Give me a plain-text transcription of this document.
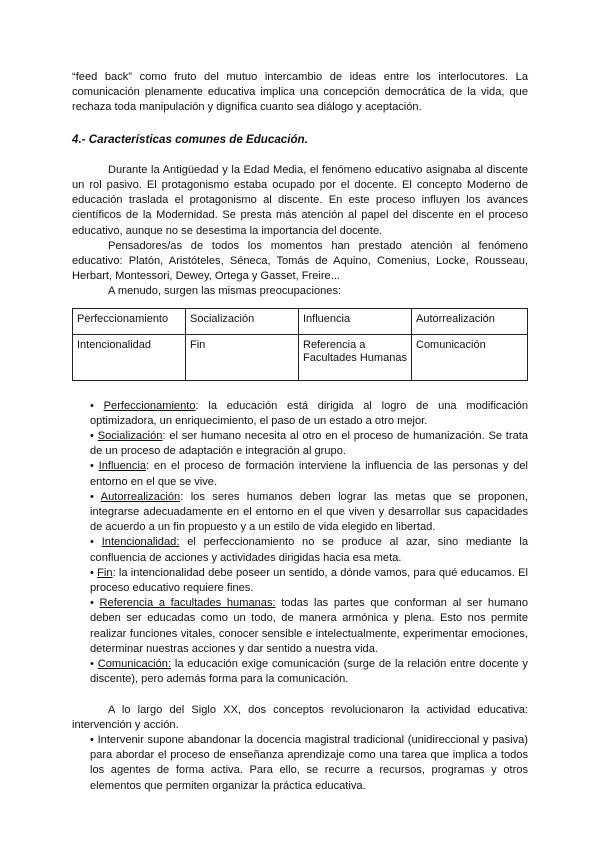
“feed back” como fruto del mutuo intercambio de ideas entre los interlocutores. La comunicación plenamente educativa implica una concepción democrática de la vida, que rechaza toda manipulación y dignifica cuanto sea diálogo y aceptación.

4.- Características comunes de Educación.

Durante la Antigüedad y la Edad Media, el fenómeno educativo asignaba al discente un rol pasivo. El protagonismo estaba ocupado por el docente. El concepto Moderno de educación traslada el protagonismo al discente. En este proceso influyen los avances científicos de la Modernidad. Se presta más atención al papel del discente en el proceso educativo, aunque no se desestima la importancia del docente.

Pensadores/as de todos los momentos han prestado atención al fenómeno educativo: Platón, Aristóteles, Séneca, Tomás de Aquino, Comenius, Locke, Rousseau, Herbart, Montessori, Dewey, Ortega y Gasset, Freire...

A menudo, surgen las mismas preocupaciones:

Perfeccionamiento	Socialización	Influencia	Autorrealización
Intencionalidad	Fin	Referencia a Facultades Humanas	Comunicación
• Perfeccionamiento: la educación está dirigida al logro de una modificación optimizadora, un enriquecimiento, el paso de un estado a otro mejor.
• Socialización: el ser humano necesita al otro en el proceso de humanización. Se trata de un proceso de adaptación e integración al grupo.
• Influencia: en el proceso de formación interviene la influencia de las personas y del entorno en el que se vive.
• Autorrealización: los seres humanos deben lograr las metas que se proponen, integrarse adecuadamente en el entorno en el que viven y desarrollar sus capacidades de acuerdo a un fin propuesto y a un estilo de vida elegido en libertad.
• Intencionalidad: el perfeccionamiento no se produce al azar, sino mediante la confluencia de acciones y actividades dirigidas hacia esa meta.
• Fin: la intencionalidad debe poseer un sentido, a dónde vamos, para qué educamos. El proceso educativo requiere fines.
• Referencia a facultades humanas: todas las partes que conforman al ser humano deben ser educadas como un todo, de manera armónica y plena. Esto nos permite realizar funciones vitales, conocer sensible e intelectualmente, experimentar emociones, determinar nuestras acciones y dar sentido a nuestra vida.
• Comunicación: la educación exige comunicación (surge de la relación entre docente y discente), pero además forma para la comunicación.

A lo largo del Siglo XX, dos conceptos revolucionaron la actividad educativa: intervención y acción.

• Intervenir supone abandonar la docencia magistral tradicional (unidireccional y pasiva) para abordar el proceso de enseñanza aprendizaje como una tarea que implica a todos los agentes de forma activa. Para ello, se recurre a recursos, programas y otros elementos que permiten organizar la práctica educativa.
